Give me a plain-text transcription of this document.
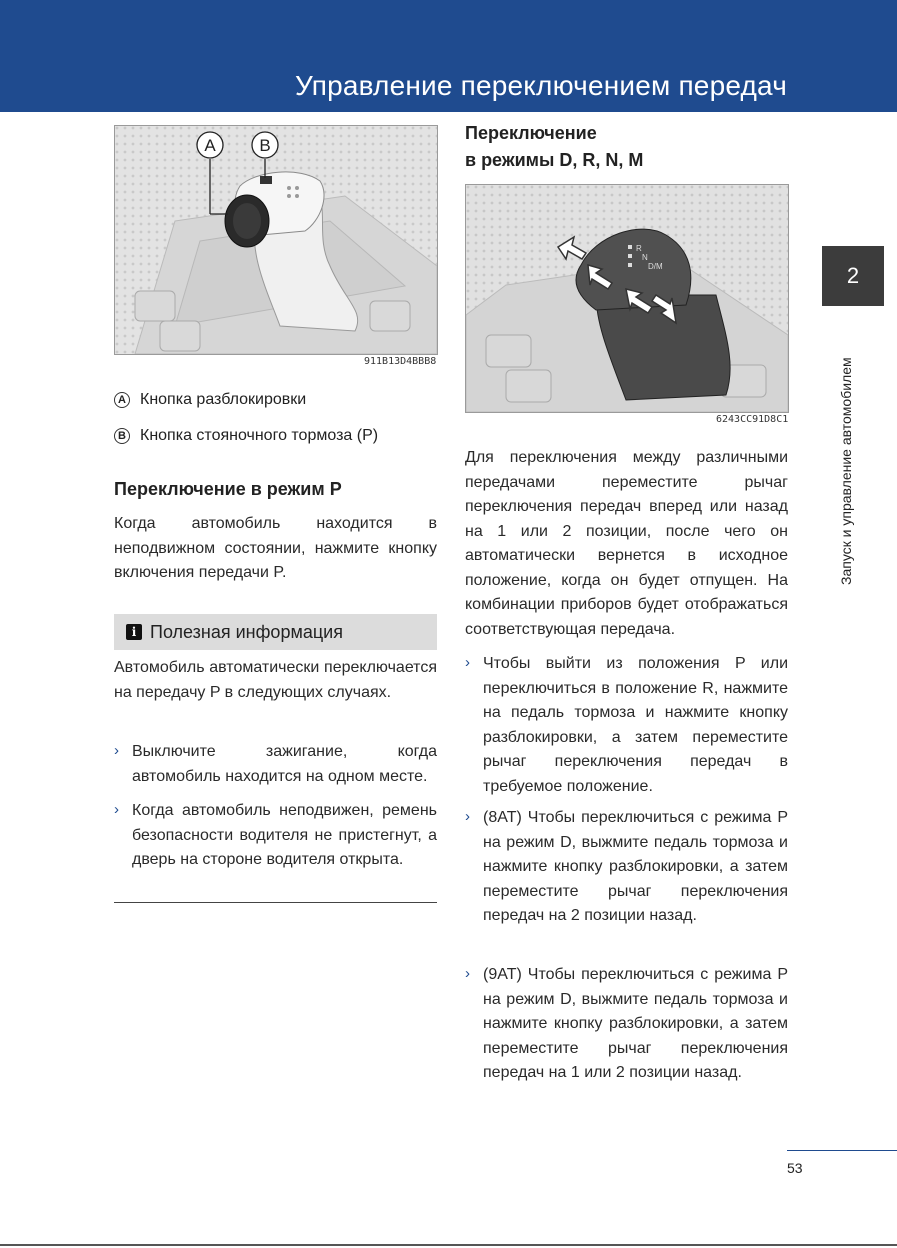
Управление переключением передач
A	B
911B13D4BBB8
A Кнопка разблокировки
B Кнопка стояночного тормоза (P)
Переключение в режим P
Когда автомобиль находится в неподвижном состоянии, нажмите кнопку включения передачи P.
i Полезная информация
Автомобиль автоматически переключается на передачу P в следующих случаях.
› Выключите зажигание, когда автомобиль находится на одном месте.
› Когда автомобиль неподвижен, ремень безопасности водителя не пристегнут, а дверь на стороне водителя открыта.
Переключение
в режимы D, R, N, M
R
N
D/M
6243CC91D8C1
Для переключения между различными передачами переместите рычаг переключения передач вперед или назад на 1 или 2 позиции, после чего он автоматически вернется в исходное положение, когда он будет отпущен. На комбинации приборов будет отображаться соответствующая передача.
› Чтобы выйти из положения P или переключиться в положение R, нажмите на педаль тормоза и нажмите кнопку разблокировки, а затем переместите рычаг переключения передач в требуемое положение.
› (8AT) Чтобы переключиться с режима P на режим D, выжмите педаль тормоза и нажмите кнопку разблокировки, а затем переместите рычаг переключения передач на 2 позиции назад.
› (9AT) Чтобы переключиться с режима P на режим D, выжмите педаль тормоза и нажмите кнопку разблокировки, а затем переместите рычаг переключения передач на 1 или 2 позиции назад.
2
Запуск и управление автомобилем
53
